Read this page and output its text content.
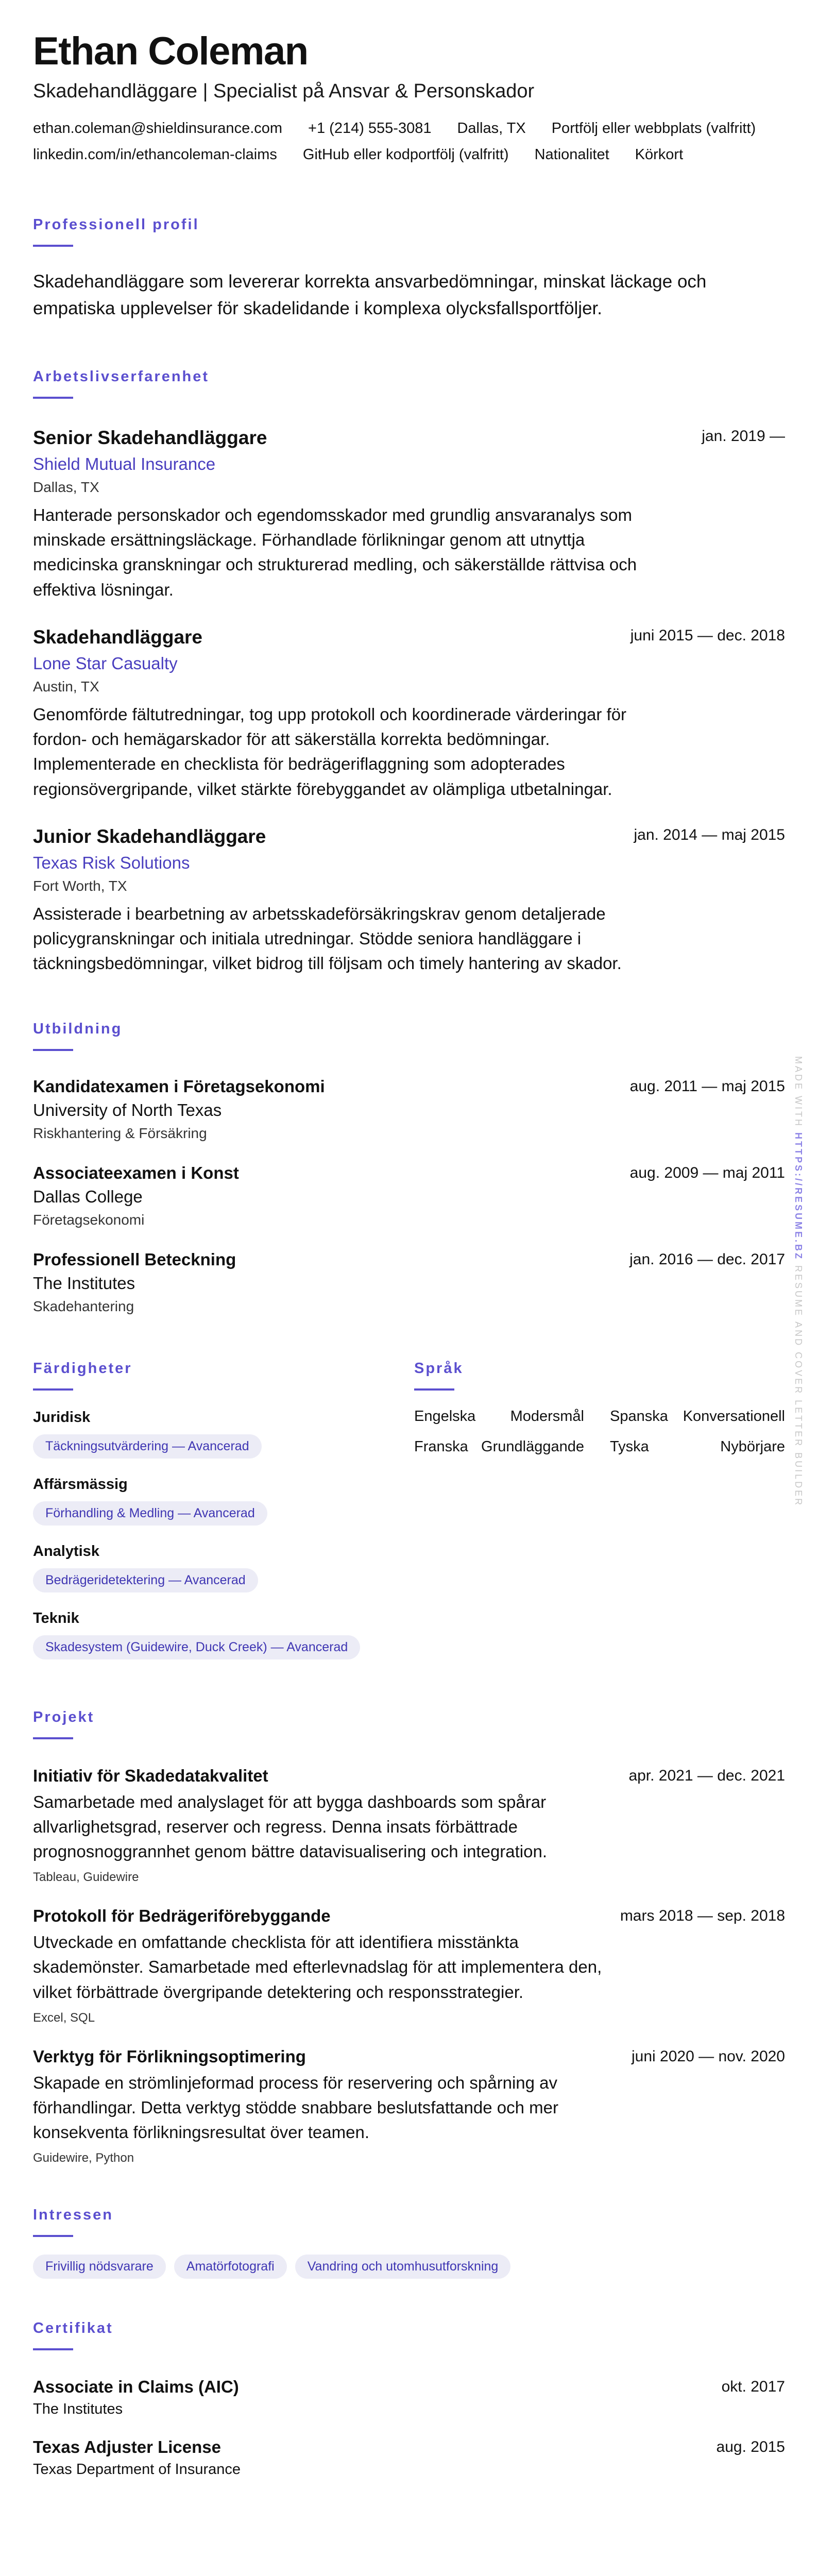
Ethan Coleman
Skadehandläggare | Specialist på Ansvar & Personskador
ethan.coleman@shieldinsurance.com +1 (214) 555-3081 Dallas, TX Portfölj eller webbplats (valfritt)
linkedin.com/in/ethancoleman-claims GitHub eller kodportfölj (valfritt) Nationalitet Körkort
Professionell profil
Skadehandläggare som levererar korrekta ansvarbedömningar, minskat läckage och empatiska upplevelser för skadelidande i komplexa olycksfallsportföljer.
Arbetslivserfarenhet
Senior Skadehandläggare	jan. 2019 —
Shield Mutual Insurance
Dallas, TX
Hanterade personskador och egendomsskador med grundlig ansvaranalys som minskade ersättningsläckage. Förhandlade förlikningar genom att utnyttja medicinska granskningar och strukturerad medling, och säkerställde rättvisa och effektiva lösningar.
Skadehandläggare	juni 2015 — dec. 2018
Lone Star Casualty
Austin, TX
Genomförde fältutredningar, tog upp protokoll och koordinerade värderingar för fordon- och hemägarskador för att säkerställa korrekta bedömningar. Implementerade en checklista för bedrägeriflaggning som adopterades regionsövergripande, vilket stärkte förebyggandet av olämpliga utbetalningar.
Junior Skadehandläggare	jan. 2014 — maj 2015
Texas Risk Solutions
Fort Worth, TX
Assisterade i bearbetning av arbetsskadeförsäkringskrav genom detaljerade policygranskningar och initiala utredningar. Stödde seniora handläggare i täckningsbedömningar, vilket bidrog till följsam och timely hantering av skador.
Utbildning
Kandidatexamen i Företagsekonomi	aug. 2011 — maj 2015
University of North Texas
Riskhantering & Försäkring
Associateexamen i Konst	aug. 2009 — maj 2011
Dallas College
Företagsekonomi
Professionell Beteckning	jan. 2016 — dec. 2017
The Institutes
Skadehantering
Färdigheter
Juridisk
Täckningsutvärdering — Avancerad
Affärsmässig
Förhandling & Medling — Avancerad
Analytisk
Bedrägeridetektering — Avancerad
Teknik
Skadesystem (Guidewire, Duck Creek) — Avancerad
Språk
Engelska	Modersmål Spanska Konversationell
Franska Grundläggande Tyska	Nybörjare
Projekt
Initiativ för Skadedatakvalitet	apr. 2021 — dec. 2021
Samarbetade med analyslaget för att bygga dashboards som spårar allvarlighetsgrad, reserver och regress. Denna insats förbättrade prognosnoggrannhet genom bättre datavisualisering och integration.
Tableau, Guidewire
Protokoll för Bedrägeriförebyggande	mars 2018 — sep. 2018
Utveckade en omfattande checklista för att identifiera misstänkta skademönster. Samarbetade med efterlevnadslag för att implementera den, vilket förbättrade övergripande detektering och responsstrategier.
Excel, SQL
Verktyg för Förlikningsoptimering	juni 2020 — nov. 2020
Skapade en strömlinjeformad process för reservering och spårning av förhandlingar. Detta verktyg stödde snabbare beslutsfattande och mer konsekventa förlikningsresultat över teamen.
Guidewire, Python
Intressen
Frivillig nödsvarare	Amatörfotografi	Vandring och utomhusutforskning
Certifikat
Associate in Claims (AIC)	okt. 2017
The Institutes
Texas Adjuster License	aug. 2015
Texas Department of Insurance
MADE WITH HTTPS://RESUME.BZ RESUME AND COVER LETTER BUILDER
